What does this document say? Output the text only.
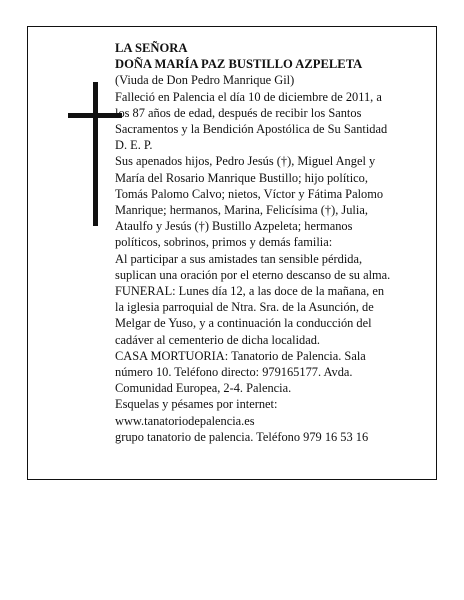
LA SEÑORA
DOÑA MARÍA PAZ BUSTILLO AZPELETA
(Viuda de Don Pedro Manrique Gil)
Falleció en Palencia el día 10 de diciembre de 2011, a
los 87 años de edad, después de recibir los Santos
Sacramentos y la Bendición Apostólica de Su Santidad
D. E. P.
Sus apenados hijos, Pedro Jesús (†), Miguel Angel y
María del Rosario Manrique Bustillo; hijo político,
Tomás Palomo Calvo; nietos, Víctor y Fátima Palomo
Manrique; hermanos, Marina, Felicísima (†), Julia,
Ataulfo y Jesús (†) Bustillo Azpeleta; hermanos
políticos, sobrinos, primos y demás familia:
Al participar a sus amistades tan sensible pérdida,
suplican una oración por el eterno descanso de su alma.
FUNERAL: Lunes día 12, a las doce de la mañana, en
la iglesia parroquial de Ntra. Sra. de la Asunción, de
Melgar de Yuso, y a continuación la conducción del
cadáver al cementerio de dicha localidad.
CASA MORTUORIA: Tanatorio de Palencia. Sala
número 10. Teléfono directo: 979165177. Avda.
Comunidad Europea, 2-4. Palencia.
Esquelas y pésames por internet:
www.tanatoriodepalencia.es
grupo tanatorio de palencia. Teléfono 979 16 53 16
